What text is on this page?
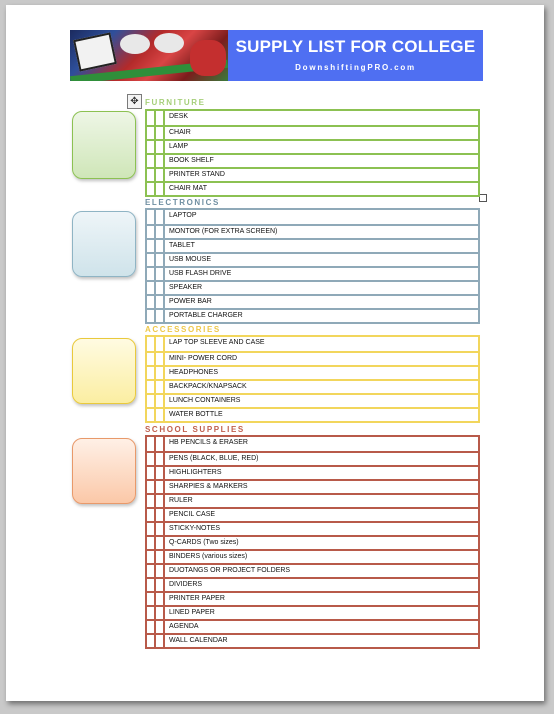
SUPPLY LIST FOR COLLEGE
DownshiftingPRO.com
✥ FURNITURE
DESK
CHAIR
LAMP
BOOK SHELF
PRINTER STAND
CHAIR MAT
ELECTRONICS
LAPTOP
MONTOR (FOR EXTRA SCREEN)
TABLET
USB MOUSE
USB FLASH DRIVE
SPEAKER
POWER BAR
PORTABLE CHARGER
ACCESSORIES
LAP TOP SLEEVE AND CASE
MINI- POWER CORD
HEADPHONES
BACKPACK/KNAPSACK
LUNCH CONTAINERS
WATER BOTTLE
SCHOOL SUPPLIES
HB PENCILS & ERASER
PENS (BLACK, BLUE, RED)
HIGHLIGHTERS
SHARPIES & MARKERS
RULER
PENCIL CASE
STICKY-NOTES
Q-CARDS (Two sizes)
BINDERS (various sizes)
DUOTANGS OR PROJECT FOLDERS
DIVIDERS
PRINTER PAPER
LINED PAPER
AGENDA
WALL CALENDAR
